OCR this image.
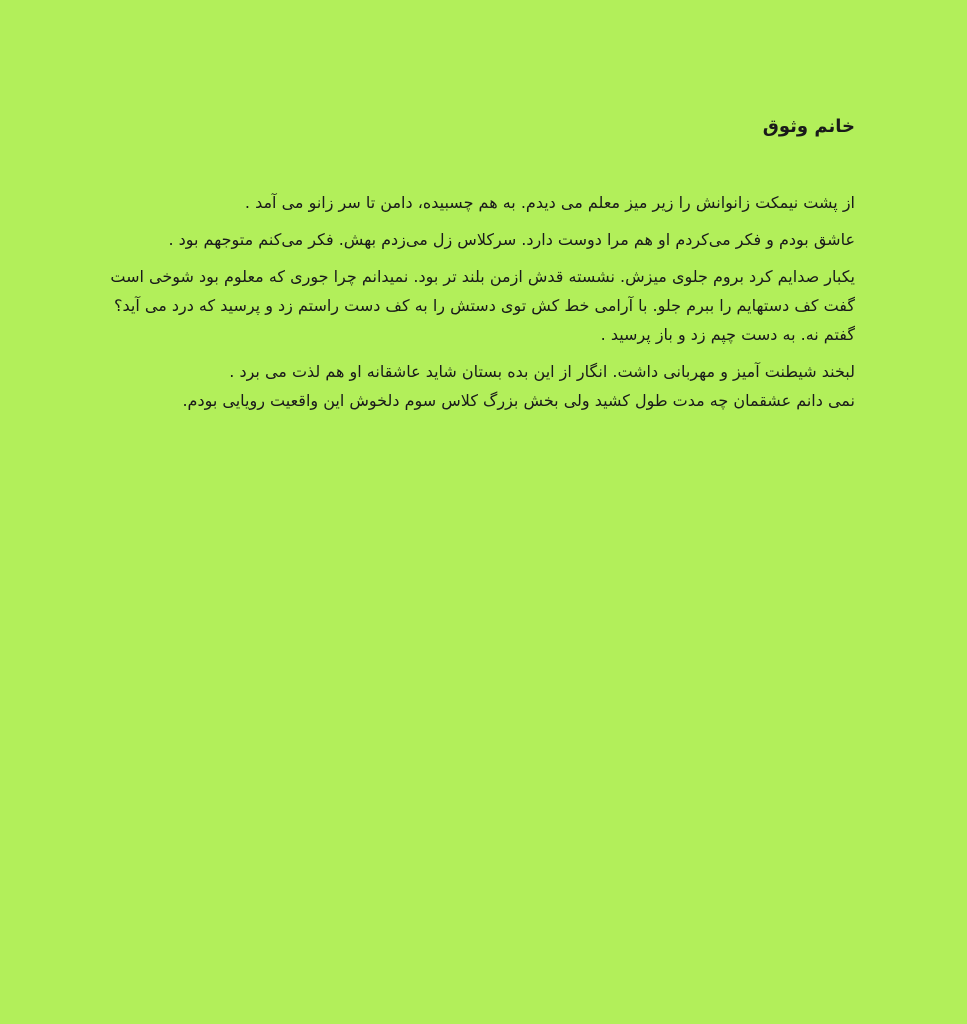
خانم وثوق

از پشت نیمکت زانوانش را زیر میز معلم می دیدم. به هم چسبیده، دامن تا سر زانو می آمد .

عاشق بودم و فکر می‌کردم او هم مرا دوست دارد. سرکلاس زل می‌زدم بهش. فکر می‌کنم متوجهم بود .

یکبار صدایم کرد بروم جلوی میزش. نشسته قدش ازمن بلند تر بود. نمیدانم چرا جوری که معلوم بود شوخی است گفت کف دستهایم را ببرم جلو. با آرامی خط کش توی دستش را به کف دست راستم زد و پرسید که درد می آید؟ گفتم نه. به دست چپم زد و باز پرسید .

لبخند شیطنت آمیز و مهربانی داشت. انگار از این بده بستان شاید عاشقانه او هم لذت می برد .
نمی دانم عشقمان چه مدت طول کشید ولی بخش بزرگ کلاس سوم دلخوش این واقعیت رویایی بودم.
